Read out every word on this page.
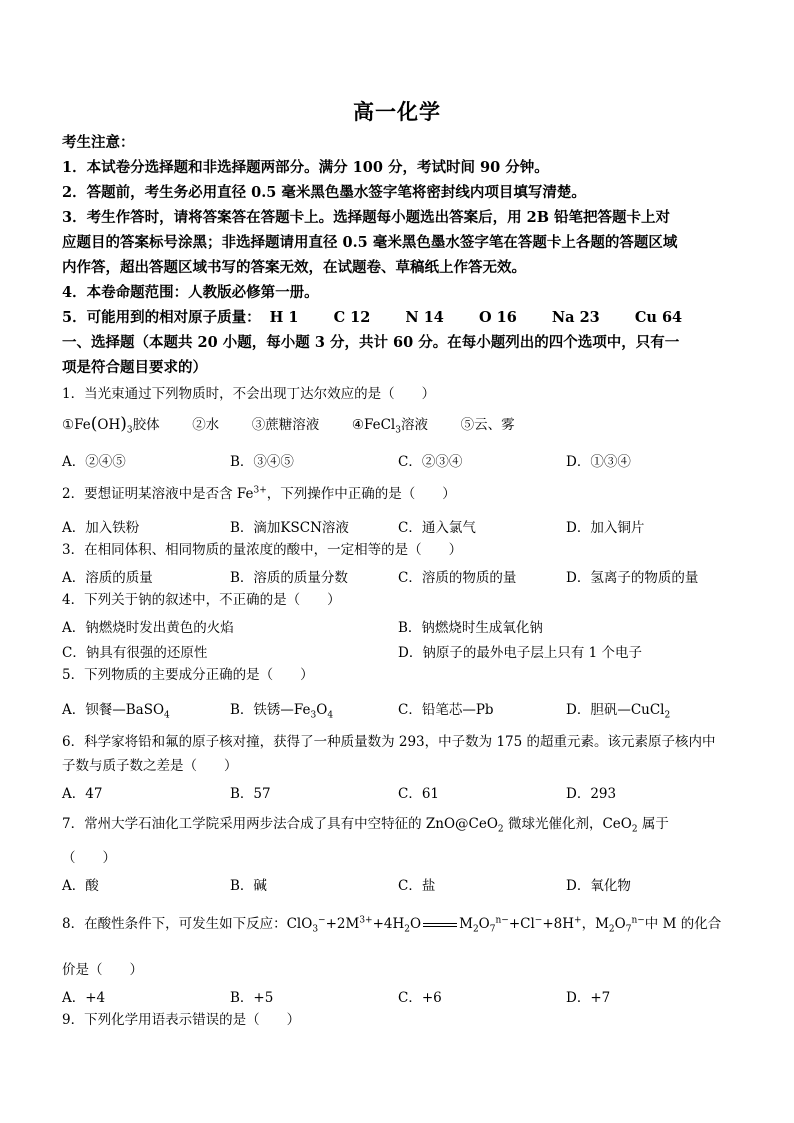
高一化学
考生注意：
1．本试卷分选择题和非选择题两部分。满分 100 分，考试时间 90 分钟。
2．答题前，考生务必用直径 0.5 毫米黑色墨水签字笔将密封线内项目填写清楚。
3．考生作答时，请将答案答在答题卡上。选择题每小题选出答案后，用 2B 铅笔把答题卡上对
应题目的答案标号涂黑；非选择题请用直径 0.5 毫米黑色墨水签字笔在答题卡上各题的答题区域
内作答，超出答题区域书写的答案无效，在试题卷、草稿纸上作答无效。
4．本卷命题范围：人教版必修第一册。
5．可能用到的相对原子质量： H 1 C 12 N 14 O 16 Na 23 Cu 64
一、选择题（本题共 20 小题，每小题 3 分，共计 60 分。在每小题列出的四个选项中，只有一
项是符合题目要求的）
1．当光束通过下列物质时，不会出现丁达尔效应的是（　　）
$①Fe(OH)_3$胶体 ②水 ③蔗糖溶液 ④FeCl$_3$溶液 ⑤云、雾
A．②④⑤	B．③④⑤	C．②③④	D．①③④
2．要想证明某溶液中是否含 $Fe^{3+}$，下列操作中正确的是（　　）
A．加入铁粉	B．滴加KSCN溶液	C．通入氯气	D．加入铜片
3．在相同体积、相同物质的量浓度的酸中，一定相等的是（　　）
A．溶质的质量	B．溶质的质量分数	C．溶质的物质的量	D．氢离子的物质的量
4．下列关于钠的叙述中，不正确的是（　　）
A．钠燃烧时发出黄色的火焰	B．钠燃烧时生成氧化钠
C．钠具有很强的还原性	D．钠原子的最外电子层上只有 1 个电子
5．下列物质的主要成分正确的是（　　）
A．钡餐—BaSO$_4$	B．铁锈$—Fe_3O_4$	C．铅笔芯—Pb	D．胆矾—CuCl$_2$
6．科学家将铅和氟的原子核对撞，获得了一种质量数为 293，中子数为 175 的超重元素。该元素原子核内中
子数与质子数之差是（　　）
A．47	B．57	C．61	D．293
7．常州大学石油化工学院采用两步法合成了具有中空特征的 ZnO@CeO$_2$ 微球光催化剂，CeO$_2$ 属于
（　　）
A．酸	B．碱	C．盐	D．氧化物
8．在酸性条件下，可发生如下反应：$ClO_3^-+2M^{3+}+4H_2O$	$M_2O_7^{n-}+Cl^-+8H^+$，$M_2O_7^{n-}$中 M 的化合
价是（　　）
A．+4	B．+5	C．+6	D．+7
9．下列化学用语表示错误的是（　　）
